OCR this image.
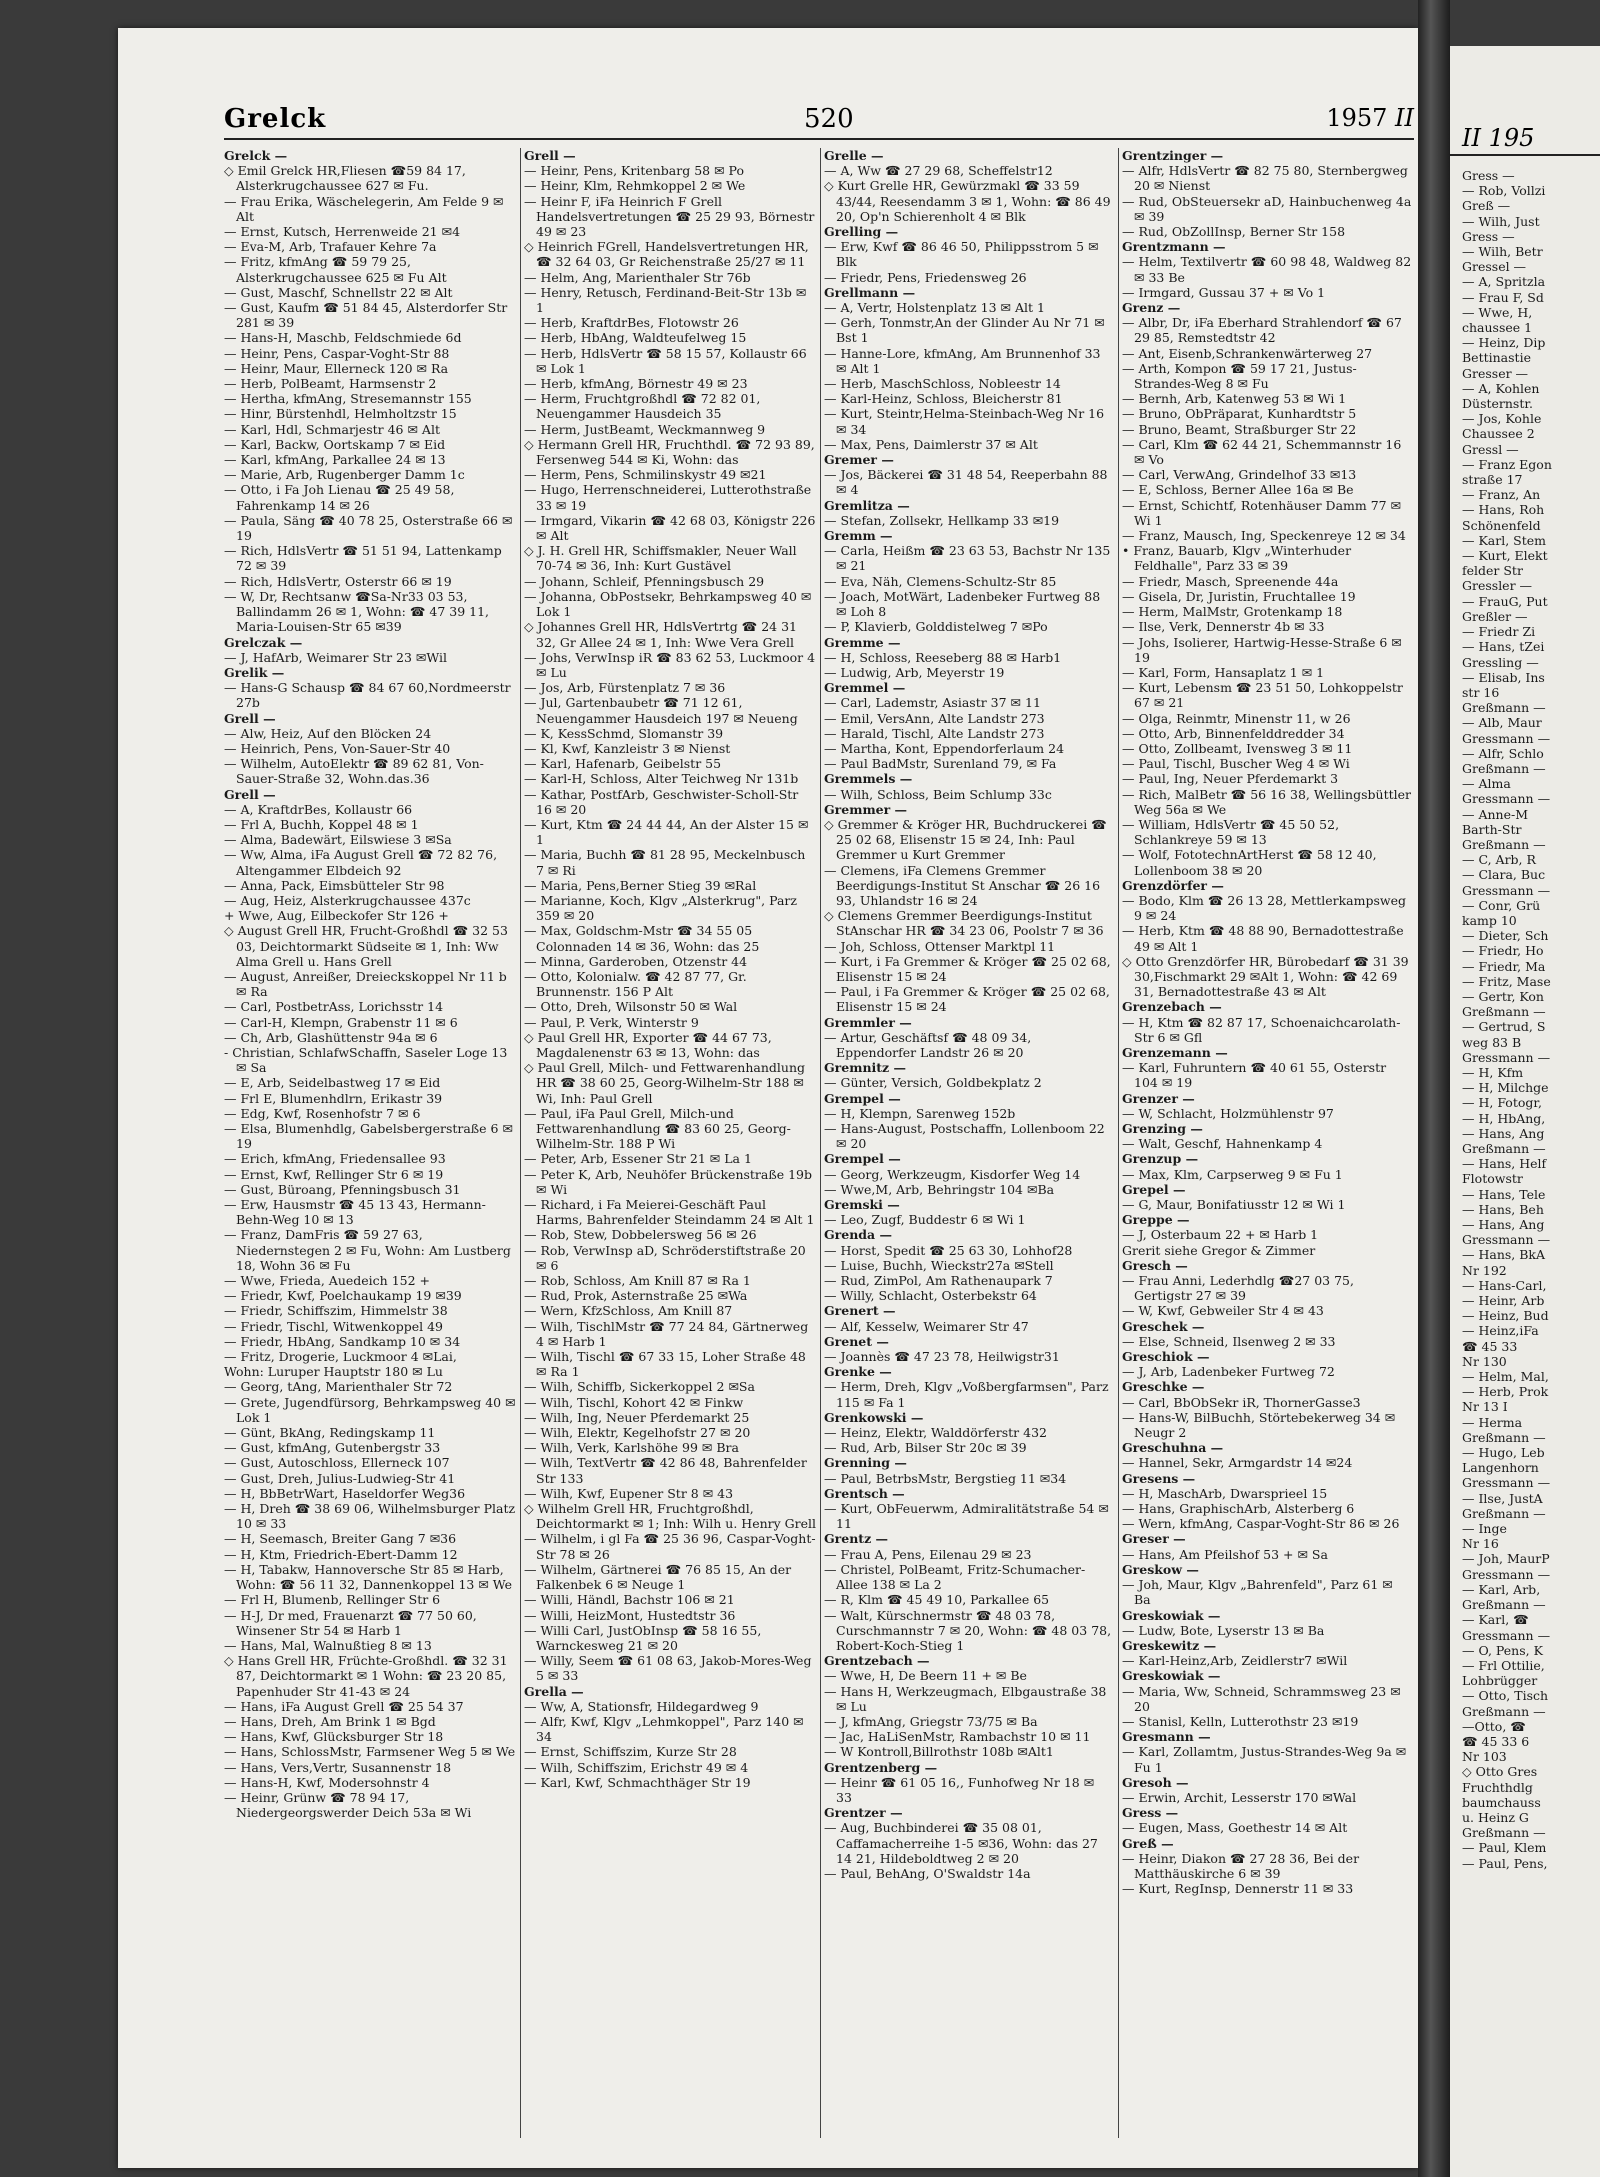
Grelck	520	1957 II

Grelck —

◇ Emil Grelck HR,Fliesen ☎59 84 17, Alsterkrugchaussee 627 ✉ Fu.

— Frau Erika, Wäschelegerin, Am Felde 9 ✉ Alt

— Ernst, Kutsch, Herrenweide 21 ✉4

— Eva-M, Arb, Trafauer Kehre 7a

— Fritz, kfmAng ☎ 59 79 25, Alsterkrugchaussee 625 ✉ Fu Alt

— Gust, Maschf, Schnellstr 22 ✉ Alt

— Gust, Kaufm ☎ 51 84 45, Alsterdorfer Str 281 ✉ 39

— Hans-H, Maschb, Feldschmiede 6d

— Heinr, Pens, Caspar-Voght-Str 88

— Heinr, Maur, Ellerneck 120 ✉ Ra

— Herb, PolBeamt, Harmsenstr 2

— Hertha, kfmAng, Stresemannstr 155

— Hinr, Bürstenhdl, Helmholtzstr 15

— Karl, Hdl, Schmarjestr 46 ✉ Alt

— Karl, Backw, Oortskamp 7 ✉ Eid

— Karl, kfmAng, Parkallee 24 ✉ 13

— Marie, Arb, Rugenberger Damm 1c

— Otto, i Fa Joh Lienau ☎ 25 49 58, Fahrenkamp 14 ✉ 26

— Paula, Säng ☎ 40 78 25, Osterstraße 66 ✉ 19

— Rich, HdlsVertr ☎ 51 51 94, Lattenkamp 72 ✉ 39

— Rich, HdlsVertr, Osterstr 66 ✉ 19

— W, Dr, Rechtsanw ☎Sa-Nr33 03 53, Ballindamm 26 ✉ 1, Wohn: ☎ 47 39 11, Maria-Louisen-Str 65 ✉39

Grelczak —

— J, HafArb, Weimarer Str 23 ✉Wil

Grelik —

— Hans-G Schausp ☎ 84 67 60,Nordmeerstr 27b

Grell —

— Alw, Heiz, Auf den Blöcken 24

— Heinrich, Pens, Von-Sauer-Str 40

— Wilhelm, AutoElektr ☎ 89 62 81, Von-Sauer-Straße 32, Wohn.das.36

Grell —

— A, KraftdrBes, Kollaustr 66

— Frl A, Buchh, Koppel 48 ✉ 1

— Alma, Badewärt, Eilswiese 3 ✉Sa

— Ww, Alma, iFa August Grell ☎ 72 82 76, Altengammer Elbdeich 92

— Anna, Pack, Eimsbütteler Str 98

— Aug, Heiz, Alsterkrugchaussee 437c

+ Wwe, Aug, Eilbeckofer Str 126 +

◇ August Grell HR, Frucht-Großhdl ☎ 32 53 03, Deichtormarkt Südseite ✉ 1, Inh: Ww Alma Grell u. Hans Grell

— August, Anreißer, Dreieckskoppel Nr 11 b ✉ Ra

— Carl, PostbetrAss, Lorichsstr 14

— Carl-H, Klempn, Grabenstr 11 ✉ 6

— Ch, Arb, Glashüttenstr 94a ✉ 6

- Christian, SchlafwSchaffn, Saseler Loge 13 ✉ Sa

— E, Arb, Seidelbastweg 17 ✉ Eid

— Frl E, Blumenhdlrn, Erikastr 39

— Edg, Kwf, Rosenhofstr 7 ✉ 6

— Elsa, Blumenhdlg, Gabelsbergerstraße 6 ✉ 19

— Erich, kfmAng, Friedensallee 93

— Ernst, Kwf, Rellinger Str 6 ✉ 19

— Gust, Büroang, Pfenningsbusch 31

— Erw, Hausmstr ☎ 45 13 43, Hermann-Behn-Weg 10 ✉ 13

— Franz, DamFris ☎ 59 27 63, Niedernstegen 2 ✉ Fu, Wohn: Am Lustberg 18, Wohn 36 ✉ Fu

— Wwe, Frieda, Auedeich 152 +

— Friedr, Kwf, Poelchaukamp 19 ✉39

— Friedr, Schiffszim, Himmelstr 38

— Friedr, Tischl, Witwenkoppel 49

— Friedr, HbAng, Sandkamp 10 ✉ 34

— Fritz, Drogerie, Luckmoor 4 ✉Lai,

Wohn: Luruper Hauptstr 180 ✉ Lu

— Georg, tAng, Marienthaler Str 72

— Grete, Jugendfürsorg, Behrkampsweg 40 ✉ Lok 1

— Günt, BkAng, Redingskamp 11

— Gust, kfmAng, Gutenbergstr 33

— Gust, Autoschloss, Ellerneck 107

— Gust, Dreh, Julius-Ludwieg-Str 41

— H, BbBetrWart, Haseldorfer Weg36

— H, Dreh ☎ 38 69 06, Wilhelmsburger Platz 10 ✉ 33

— H, Seemasch, Breiter Gang 7 ✉36

— H, Ktm, Friedrich-Ebert-Damm 12

— H, Tabakw, Hannoversche Str 85 ✉ Harb, Wohn: ☎ 56 11 32, Dannenkoppel 13 ✉ We

— Frl H, Blumenb, Rellinger Str 6

— H-J, Dr med, Frauenarzt ☎ 77 50 60, Winsener Str 54 ✉ Harb 1

— Hans, Mal, Walnußtieg 8 ✉ 13

◇ Hans Grell HR, Früchte-Großhdl. ☎ 32 31 87, Deichtormarkt ✉ 1 Wohn: ☎ 23 20 85, Papenhuder Str 41-43 ✉ 24

— Hans, iFa August Grell ☎ 25 54 37

— Hans, Dreh, Am Brink 1 ✉ Bgd

— Hans, Kwf, Glücksburger Str 18

— Hans, SchlossMstr, Farmsener Weg 5 ✉ We

— Hans, Vers,Vertr, Susannenstr 18

— Hans-H, Kwf, Modersohnstr 4

— Heinr, Grünw ☎ 78 94 17, Niedergeorgswerder Deich 53a ✉ Wi

Grell —

— Heinr, Pens, Kritenbarg 58 ✉ Po

— Heinr, Klm, Rehmkoppel 2 ✉ We

— Heinr F, iFa Heinrich F Grell Handelsvertretungen ☎ 25 29 93, Börnestr 49 ✉ 23

◇ Heinrich FGrell, Handelsvertretungen HR, ☎ 32 64 03, Gr Reichenstraße 25/27 ✉ 11

— Helm, Ang, Marienthaler Str 76b

— Henry, Retusch, Ferdinand-Beit-Str 13b ✉ 1

— Herb, KraftdrBes, Flotowstr 26

— Herb, HbAng, Waldteufelweg 15

— Herb, HdlsVertr ☎ 58 15 57, Kollaustr 66 ✉ Lok 1

— Herb, kfmAng, Börnestr 49 ✉ 23

— Herm, Fruchtgroßhdl ☎ 72 82 01, Neuengammer Hausdeich 35

— Herm, JustBeamt, Weckmannweg 9

◇ Hermann Grell HR, Fruchthdl. ☎ 72 93 89, Fersenweg 544 ✉ Ki, Wohn: das

— Herm, Pens, Schmilinskystr 49 ✉21

— Hugo, Herrenschneiderei, Lutterothstraße 33 ✉ 19

— Irmgard, Vikarin ☎ 42 68 03, Königstr 226 ✉ Alt

◇ J. H. Grell HR, Schiffsmakler, Neuer Wall 70-74 ✉ 36, Inh: Kurt Gustävel

— Johann, Schleif, Pfenningsbusch 29

— Johanna, ObPostsekr, Behrkampsweg 40 ✉ Lok 1

◇ Johannes Grell HR, HdlsVertrtg ☎ 24 31 32, Gr Allee 24 ✉ 1, Inh: Wwe Vera Grell

— Johs, VerwInsp iR ☎ 83 62 53, Luckmoor 4 ✉ Lu

— Jos, Arb, Fürstenplatz 7 ✉ 36

— Jul, Gartenbaubetr ☎ 71 12 61, Neuengammer Hausdeich 197 ✉ Neueng

— K, KessSchmd, Slomanstr 39

— Kl, Kwf, Kanzleistr 3 ✉ Nienst

— Karl, Hafenarb, Geibelstr 55

— Karl-H, Schloss, Alter Teichweg Nr 131b

— Kathar, PostfArb, Geschwister-Scholl-Str 16 ✉ 20

— Kurt, Ktm ☎ 24 44 44, An der Alster 15 ✉ 1

— Maria, Buchh ☎ 81 28 95, Meckelnbusch 7 ✉ Ri

— Maria, Pens,Berner Stieg 39 ✉Ral

— Marianne, Koch, Klgv „Alsterkrug", Parz 359 ✉ 20

— Max, Goldschm-Mstr ☎ 34 55 05 Colonnaden 14 ✉ 36, Wohn: das 25

— Minna, Garderoben, Otzenstr 44

— Otto, Kolonialw. ☎ 42 87 77, Gr. Brunnenstr. 156 P Alt

— Otto, Dreh, Wilsonstr 50 ✉ Wal

— Paul, P. Verk, Winterstr 9

◇ Paul Grell HR, Exporter ☎ 44 67 73, Magdalenenstr 63 ✉ 13, Wohn: das

◇ Paul Grell, Milch- und Fettwarenhandlung HR ☎ 38 60 25, Georg-Wilhelm-Str 188 ✉ Wi, Inh: Paul Grell

— Paul, iFa Paul Grell, Milch-und Fettwarenhandlung ☎ 83 60 25, Georg-Wilhelm-Str. 188 P Wi

— Peter, Arb, Essener Str 21 ✉ La 1

— Peter K, Arb, Neuhöfer Brückenstraße 19b ✉ Wi

— Richard, i Fa Meierei-Geschäft Paul Harms, Bahrenfelder Steindamm 24 ✉ Alt 1

— Rob, Stew, Dobbelersweg 56 ✉ 26

— Rob, VerwInsp aD, Schröderstiftstraße 20 ✉ 6

— Rob, Schloss, Am Knill 87 ✉ Ra 1

— Rud, Prok, Asternstraße 25 ✉Wa

— Wern, KfzSchloss, Am Knill 87

— Wilh, TischlMstr ☎ 77 24 84, Gärtnerweg 4 ✉ Harb 1

— Wilh, Tischl ☎ 67 33 15, Loher Straße 48 ✉ Ra 1

— Wilh, Schiffb, Sickerkoppel 2 ✉Sa

— Wilh, Tischl, Kohort 42 ✉ Finkw

— Wilh, Ing, Neuer Pferdemarkt 25

— Wilh, Elektr, Kegelhofstr 27 ✉ 20

— Wilh, Verk, Karlshöhe 99 ✉ Bra

— Wilh, TextVertr ☎ 42 86 48, Bahrenfelder Str 133

— Wilh, Kwf, Eupener Str 8 ✉ 43

◇ Wilhelm Grell HR, Fruchtgroßhdl, Deichtormarkt ✉ 1; Inh: Wilh u. Henry Grell

— Wilhelm, i gl Fa ☎ 25 36 96, Caspar-Voght-Str 78 ✉ 26

— Wilhelm, Gärtnerei ☎ 76 85 15, An der Falkenbek 6 ✉ Neuge 1

— Willi, Händl, Bachstr 106 ✉ 21

— Willi, HeizMont, Hustedtstr 36

— Willi Carl, JustObInsp ☎ 58 16 55, Warnckesweg 21 ✉ 20

— Willy, Seem ☎ 61 08 63, Jakob-Mores-Weg 5 ✉ 33

Grella —

— Ww, A, Stationsfr, Hildegardweg 9

— Alfr, Kwf, Klgv „Lehmkoppel", Parz 140 ✉ 34

— Ernst, Schiffszim, Kurze Str 28

— Wilh, Schiffszim, Erichstr 49 ✉ 4

— Karl, Kwf, Schmachthäger Str 19

Grelle —

— A, Ww ☎ 27 29 68, Scheffelstr12

◇ Kurt Grelle HR, Gewürzmakl ☎ 33 59 43/44, Reesendamm 3 ✉ 1, Wohn: ☎ 86 49 20, Op'n Schierenholt 4 ✉ Blk

Grelling —

— Erw, Kwf ☎ 86 46 50, Philippsstrom 5 ✉ Blk

— Friedr, Pens, Friedensweg 26

Grellmann —

— A, Vertr, Holstenplatz 13 ✉ Alt 1

— Gerh, Tonmstr,An der Glinder Au Nr 71 ✉ Bst 1

— Hanne-Lore, kfmAng, Am Brunnenhof 33 ✉ Alt 1

— Herb, MaschSchloss, Nobleestr 14

— Karl-Heinz, Schloss, Bleicherstr 81

— Kurt, Steintr,Helma-Steinbach-Weg Nr 16 ✉ 34

— Max, Pens, Daimlerstr 37 ✉ Alt

Gremer —

— Jos, Bäckerei ☎ 31 48 54, Reeperbahn 88 ✉ 4

Gremlitza —

— Stefan, Zollsekr, Hellkamp 33 ✉19

Gremm —

— Carla, Heißm ☎ 23 63 53, Bachstr Nr 135 ✉ 21

— Eva, Näh, Clemens-Schultz-Str 85

— Joach, MotWärt, Ladenbeker Furtweg 88 ✉ Loh 8

— P, Klavierb, Golddistelweg 7 ✉Po

Gremme —

— H, Schloss, Reeseberg 88 ✉ Harb1

— Ludwig, Arb, Meyerstr 19

Gremmel —

— Carl, Lademstr, Asiastr 37 ✉ 11

— Emil, VersAnn, Alte Landstr 273

— Harald, Tischl, Alte Landstr 273

— Martha, Kont, Eppendorferlaum 24

— Paul BadMstr, Surenland 79, ✉ Fa

Gremmels —

— Wilh, Schloss, Beim Schlump 33c

Gremmer —

◇ Gremmer & Kröger HR, Buchdruckerei ☎ 25 02 68, Elisenstr 15 ✉ 24, Inh: Paul Gremmer u Kurt Gremmer

— Clemens, iFa Clemens Gremmer Beerdigungs-Institut St Anschar ☎ 26 16 93, Uhlandstr 16 ✉ 24

◇ Clemens Gremmer Beerdigungs-Institut StAnschar HR ☎ 34 23 06, Poolstr 7 ✉ 36

— Joh, Schloss, Ottenser Marktpl 11

— Kurt, i Fa Gremmer & Kröger ☎ 25 02 68, Elisenstr 15 ✉ 24

— Paul, i Fa Gremmer & Kröger ☎ 25 02 68, Elisenstr 15 ✉ 24

Gremmler —

— Artur, Geschäftsf ☎ 48 09 34, Eppendorfer Landstr 26 ✉ 20

Gremnitz —

— Günter, Versich, Goldbekplatz 2

Grempel —

— H, Klempn, Sarenweg 152b

— Hans-August, Postschaffn, Lollenboom 22 ✉ 20

Grempel —

— Georg, Werkzeugm, Kisdorfer Weg 14

— Wwe,M, Arb, Behringstr 104 ✉Ba

Gremski —

— Leo, Zugf, Buddestr 6 ✉ Wi 1

Grenda —

— Horst, Spedit ☎ 25 63 30, Lohhof28

— Luise, Buchh, Wieckstr27a ✉Stell

— Rud, ZimPol, Am Rathenaupark 7

— Willy, Schlacht, Osterbekstr 64

Grenert —

— Alf, Kesselw, Weimarer Str 47

Grenet —

— Joannès ☎ 47 23 78, Heilwigstr31

Grenke —

— Herm, Dreh, Klgv „Voßbergfarmsen", Parz 115 ✉ Fa 1

Grenkowski —

— Heinz, Elektr, Walddörferstr 432

— Rud, Arb, Bilser Str 20c ✉ 39

Grenning —

— Paul, BetrbsMstr, Bergstieg 11 ✉34

Grentsch —

— Kurt, ObFeuerwm, Admiralitätstraße 54 ✉ 11

Grentz —

— Frau A, Pens, Eilenau 29 ✉ 23

— Christel, PolBeamt, Fritz-Schumacher-Allee 138 ✉ La 2

— R, Klm ☎ 45 49 10, Parkallee 65

— Walt, Kürschnermstr ☎ 48 03 78, Curschmannstr 7 ✉ 20, Wohn: ☎ 48 03 78, Robert-Koch-Stieg 1

Grentzebach —

— Wwe, H, De Beern 11 + ✉ Be

— Hans H, Werkzeugmach, Elbgaustraße 38 ✉ Lu

— J, kfmAng, Griegstr 73/75 ✉ Ba

— Jac, HaLiSenMstr, Rambachstr 10 ✉ 11

— W Kontroll,Billrothstr 108b ✉Alt1

Grentzenberg —

— Heinr ☎ 61 05 16,, Funhofweg Nr 18 ✉ 33

Grentzer —

— Aug, Buchbinderei ☎ 35 08 01, Caffamacherreihe 1-5 ✉36, Wohn: das 27 14 21, Hildeboldtweg 2 ✉ 20

— Paul, BehAng, O'Swaldstr 14a

Grentzinger —

— Alfr, HdlsVertr ☎ 82 75 80, Sternbergweg 20 ✉ Nienst

— Rud, ObSteuersekr aD, Hainbuchenweg 4a ✉ 39

— Rud, ObZollInsp, Berner Str 158

Grentzmann —

— Helm, Textilvertr ☎ 60 98 48, Waldweg 82 ✉ 33 Be

— Irmgard, Gussau 37 + ✉ Vo 1

Grenz —

— Albr, Dr, iFa Eberhard Strahlendorf ☎ 67 29 85, Remstedtstr 42

— Ant, Eisenb,Schrankenwärterweg 27

— Arth, Kompon ☎ 59 17 21, Justus-Strandes-Weg 8 ✉ Fu

— Bernh, Arb, Katenweg 53 ✉ Wi 1

— Bruno, ObPräparat, Kunhardtstr 5

— Bruno, Beamt, Straßburger Str 22

— Carl, Klm ☎ 62 44 21, Schemmannstr 16 ✉ Vo

— Carl, VerwAng, Grindelhof 33 ✉13

— E, Schloss, Berner Allee 16a ✉ Be

— Ernst, Schichtf, Rotenhäuser Damm 77 ✉ Wi 1

— Franz, Mausch, Ing, Speckenreye 12 ✉ 34

• Franz, Bauarb, Klgv „Winterhuder Feldhalle", Parz 33 ✉ 39

— Friedr, Masch, Spreenende 44a

— Gisela, Dr, Juristin, Fruchtallee 19

— Herm, MalMstr, Grotenkamp 18

— Ilse, Verk, Dennerstr 4b ✉ 33

— Johs, Isolierer, Hartwig-Hesse-Straße 6 ✉ 19

— Karl, Form, Hansaplatz 1 ✉ 1

— Kurt, Lebensm ☎ 23 51 50, Lohkoppelstr 67 ✉ 21

— Olga, Reinmtr, Minenstr 11, w 26

— Otto, Arb, Binnenfelddredder 34

— Otto, Zollbeamt, Ivensweg 3 ✉ 11

— Paul, Tischl, Buscher Weg 4 ✉ Wi

— Paul, Ing, Neuer Pferdemarkt 3

— Rich, MalBetr ☎ 56 16 38, Wellingsbüttler Weg 56a ✉ We

— William, HdlsVertr ☎ 45 50 52, Schlankreye 59 ✉ 13

— Wolf, FototechnArtHerst ☎ 58 12 40, Lollenboom 38 ✉ 20

Grenzdörfer —

— Bodo, Klm ☎ 26 13 28, Mettlerkampsweg 9 ✉ 24

— Herb, Ktm ☎ 48 88 90, Bernadottestraße 49 ✉ Alt 1

◇ Otto Grenzdörfer HR, Bürobedarf ☎ 31 39 30,Fischmarkt 29 ✉Alt 1, Wohn: ☎ 42 69 31, Bernadottestraße 43 ✉ Alt

Grenzebach —

— H, Ktm ☎ 82 87 17, Schoenaichcarolath-Str 6 ✉ Gfl

Grenzemann —

— Karl, Fuhruntern ☎ 40 61 55, Osterstr 104 ✉ 19

Grenzer —

— W, Schlacht, Holzmühlenstr 97

Grenzing —

— Walt, Geschf, Hahnenkamp 4

Grenzup —

— Max, Klm, Carpserweg 9 ✉ Fu 1

Grepel —

— G, Maur, Bonifatiusstr 12 ✉ Wi 1

Greppe —

— J, Osterbaum 22 + ✉ Harb 1

Grerit siehe Gregor & Zimmer

Gresch —

— Frau Anni, Lederhdlg ☎27 03 75, Gertigstr 27 ✉ 39

— W, Kwf, Gebweiler Str 4 ✉ 43

Greschek —

— Else, Schneid, Ilsenweg 2 ✉ 33

Greschiok —

— J, Arb, Ladenbeker Furtweg 72

Greschke —

— Carl, BbObSekr iR, ThornerGasse3

— Hans-W, BilBuchh, Störtebekerweg 34 ✉ Neugr 2

Greschuhna —

— Hannel, Sekr, Armgardstr 14 ✉24

Gresens —

— H, MaschArb, Dwarsprieel 15

— Hans, GraphischArb, Alsterberg 6

— Wern, kfmAng, Caspar-Voght-Str 86 ✉ 26

Greser —

— Hans, Am Pfeilshof 53 + ✉ Sa

Greskow —

— Joh, Maur, Klgv „Bahrenfeld", Parz 61 ✉ Ba

Greskowiak —

— Ludw, Bote, Lyserstr 13 ✉ Ba

Greskewitz —

— Karl-Heinz,Arb, Zeidlerstr7 ✉Wil

Greskowiak —

— Maria, Ww, Schneid, Schrammsweg 23 ✉ 20

— Stanisl, Kelln, Lutterothstr 23 ✉19

Gresmann —

— Karl, Zollamtm, Justus-Strandes-Weg 9a ✉ Fu 1

Gresoh —

— Erwin, Archit, Lesserstr 170 ✉Wal

Gress —

— Eugen, Mass, Goethestr 14 ✉ Alt

Greß —

— Heinr, Diakon ☎ 27 28 36, Bei der Matthäuskirche 6 ✉ 39

— Kurt, RegInsp, Dennerstr 11 ✉ 33

II 195
Gress —
— Rob, Vollzi
Greß —
— Wilh, Just
Gress —
— Wilh, Betr
Gressel —
— A, Spritzla
— Frau F, Sd
— Wwe, H,
chaussee 1
— Heinz, Dip
Bettinastie
Gresser —
— A, Kohlen
Düsternstr.
— Jos, Kohle
Chaussee 2
Gressl —
— Franz Egon
straße 17
— Franz, An
— Hans, Roh
Schönenfeld
— Karl, Stem
— Kurt, Elekt
felder Str
Gressler —
— FrauG, Put
Greßler —
— Friedr Zi
— Hans, tZei
Gressling —
— Elisab, Ins
str 16
Greßmann —
— Alb, Maur
Gressmann —
— Alfr, Schlo
Greßmann —
— Alma
Gressmann —
— Anne-M
Barth-Str
Greßmann —
— C, Arb, R
— Clara, Buc
Gressmann —
— Conr, Grü
kamp 10
— Dieter, Sch
— Friedr, Ho
— Friedr, Ma
— Fritz, Mase
— Gertr, Kon
Greßmann —
— Gertrud, S
weg 83 B
Gressmann —
— H, Kfm
— H, Milchge
— H, Fotogr,
— H, HbAng,
— Hans, Ang
Greßmann —
— Hans, Helf
Flotowstr
— Hans, Tele
— Hans, Beh
— Hans, Ang
Gressmann —
— Hans, BkA
Nr 192
— Hans-Carl,
— Heinr, Arb
— Heinz, Bud
— Heinz,iFa
☎ 45 33
Nr 130
— Helm, Mal,
— Herb, Prok
Nr 13 I
— Herma
Greßmann —
— Hugo, Leb
Langenhorn
Gressmann —
— Ilse, JustA
Greßmann —
— Inge
Nr 16
— Joh, MaurP
Gressmann —
— Karl, Arb,
Greßmann —
— Karl, ☎
Gressmann —
— O, Pens, K
— Frl Ottilie,
Lohbrügger
— Otto, Tisch
Greßmann —
—Otto, ☎
☎ 45 33 6
Nr 103
◇ Otto Gres
Fruchthdlg
baumchauss
u. Heinz G
Greßmann —
— Paul, Klem
— Paul, Pens,
